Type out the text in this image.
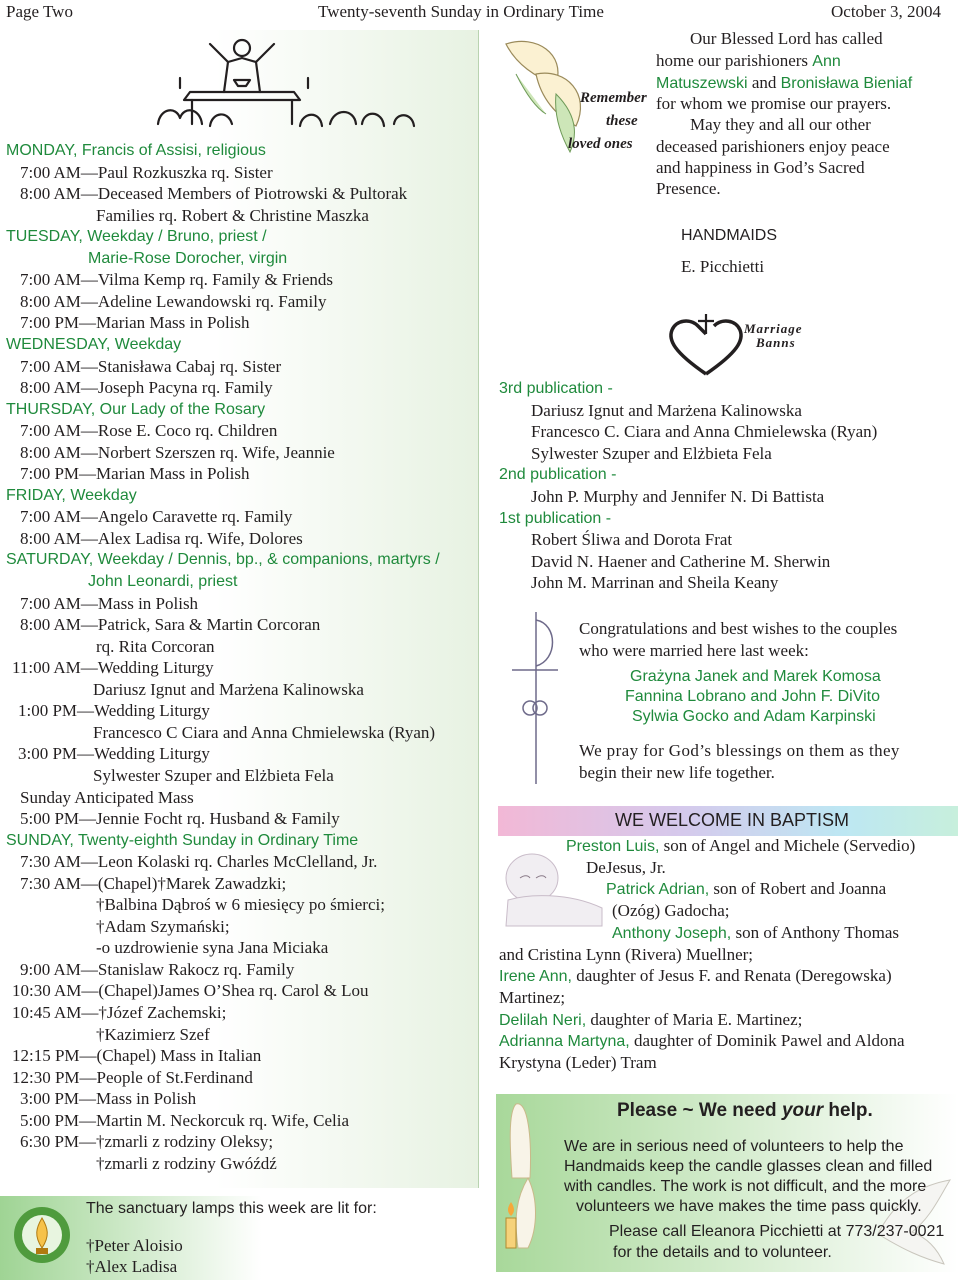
Page Two	Twenty-seventh Sunday in Ordinary Time	October 3, 2004
MONDAY, Francis of Assisi, religious
7:00 AM—Paul Rozkuszka rq. Sister
8:00 AM—Deceased Members of Piotrowski & Pultorak
Families rq. Robert & Christine Maszka
TUESDAY, Weekday / Bruno, priest /
Marie-Rose Dorocher, virgin
7:00 AM—Vilma Kemp rq. Family & Friends
8:00 AM—Adeline Lewandowski rq. Family
7:00 PM—Marian Mass in Polish
WEDNESDAY, Weekday
7:00 AM—Stanisława Cabaj rq. Sister
8:00 AM—Joseph Pacyna rq. Family
THURSDAY, Our Lady of the Rosary
7:00 AM—Rose E. Coco rq. Children
8:00 AM—Norbert Szerszen rq. Wife, Jeannie
7:00 PM—Marian Mass in Polish
FRIDAY, Weekday
7:00 AM—Angelo Caravette rq. Family
8:00 AM—Alex Ladisa rq. Wife, Dolores
SATURDAY, Weekday / Dennis, bp., & companions, martyrs /
John Leonardi, priest
7:00 AM—Mass in Polish
8:00 AM—Patrick, Sara & Martin Corcoran
rq. Rita Corcoran
11:00 AM—Wedding Liturgy
Dariusz Ignut and Marżena Kalinowska
1:00 PM—Wedding Liturgy
Francesco C Ciara and Anna Chmielewska (Ryan)
3:00 PM—Wedding Liturgy
Sylwester Szuper and Elżbieta Fela
Sunday Anticipated Mass
5:00 PM—Jennie Focht rq. Husband & Family
SUNDAY, Twenty-eighth Sunday in Ordinary Time
7:30 AM—Leon Kolaski rq. Charles McClelland, Jr.
7:30 AM—(Chapel)†Marek Zawadzki;
†Balbina Dąbroś w 6 miesięcy po śmierci;
†Adam Szymański;
-o uzdrowienie syna Jana Miciaka
9:00 AM—Stanislaw Rakocz rq. Family
10:30 AM—(Chapel)James O’Shea rq. Carol & Lou
10:45 AM—†Józef Zachemski;
†Kazimierz Szef
12:15 PM—(Chapel) Mass in Italian
12:30 PM—People of St.Ferdinand
3:00 PM—Mass in Polish
5:00 PM—Martin M. Neckorcuk rq. Wife, Celia
6:30 PM—†zmarli z rodziny Oleksy;
†zmarli z rodziny Gwóźdź
The sanctuary lamps this week are lit for:
†Peter Aloisio
†Alex Ladisa
Remember
these
loved ones
Our Blessed Lord has called
home our parishioners Ann
Matuszewski and Bronisława Bieniaf
for whom we promise our prayers.
May they and all our other
deceased parishioners enjoy peace
and happiness in God’s Sacred
Presence.
HANDMAIDS
E. Picchietti
Marriage
Banns
3rd publication -
Dariusz Ignut and Marżena Kalinowska
Francesco C. Ciara and Anna Chmielewska (Ryan)
Sylwester Szuper and Elżbieta Fela
2nd publication -
John P. Murphy and Jennifer N. Di Battista
1st publication -
Robert Śliwa and Dorota Frat
David N. Haener and Catherine M. Sherwin
John M. Marrinan and Sheila Keany
Congratulations and best wishes to the couples
who were married here last week:
Grażyna Janek and Marek Komosa
Fannina Lobrano and John F. DiVito
Sylwia Gocko and Adam Karpinski
We pray for God’s blessings on them as they
begin their new life together.
WE WELCOME IN BAPTISM
Preston Luis, son of Angel and Michele (Servedio)
DeJesus, Jr.
Patrick Adrian, son of Robert and Joanna
(Ozóg) Gadocha;
Anthony Joseph, son of Anthony Thomas
and Cristina Lynn (Rivera) Muellner;
Irene Ann, daughter of Jesus F. and Renata (Deregowska)
Martinez;
Delilah Neri, daughter of Maria E. Martinez;
Adrianna Martyna, daughter of Dominik Pawel and Aldona
Krystyna (Leder) Tram
Please ~ We need your help.
We are in serious need of volunteers to help the
Handmaids keep the candle glasses clean and filled
with candles. The work is not difficult, and the more
volunteers we have makes the time pass quickly.
Please call Eleanora Picchietti at 773/237-0021
for the details and to volunteer.
